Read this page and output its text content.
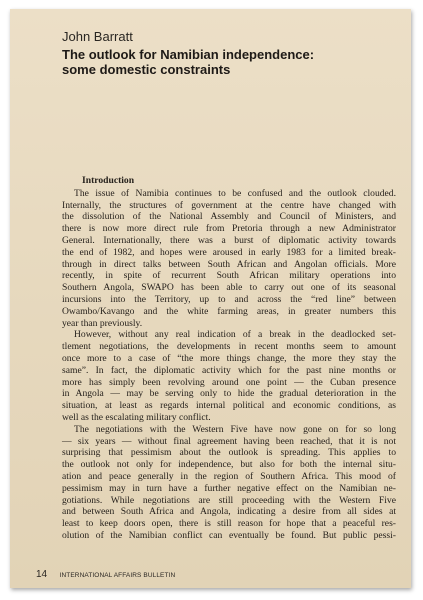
John Barratt
The outlook for Namibian independence:
some domestic constraints
Introduction
The issue of Namibia continues to be confused and the outlook clouded.
Internally, the structures of government at the centre have changed with
the dissolution of the National Assembly and Council of Ministers, and
there is now more direct rule from Pretoria through a new Administrator
General. Internationally, there was a burst of diplomatic activity towards
the end of 1982, and hopes were aroused in early 1983 for a limited break-
through in direct talks between South African and Angolan officials. More
recently, in spite of recurrent South African military operations into
Southern Angola, SWAPO has been able to carry out one of its seasonal
incursions into the Territory, up to and across the “red line” between
Owambo/Kavango and the white farming areas, in greater numbers this
year than previously.
However, without any real indication of a break in the deadlocked set-
tlement negotiations, the developments in recent months seem to amount
once more to a case of “the more things change, the more they stay the
same”. In fact, the diplomatic activity which for the past nine months or
more has simply been revolving around one point — the Cuban presence
in Angola — may be serving only to hide the gradual deterioration in the
situation, at least as regards internal political and economic conditions, as
well as the escalating military conflict.
The negotiations with the Western Five have now gone on for so long
— six years — without final agreement having been reached, that it is not
surprising that pessimism about the outlook is spreading. This applies to
the outlook not only for independence, but also for both the internal situ-
ation and peace generally in the region of Southern Africa. This mood of
pessimism may in turn have a further negative effect on the Namibian ne-
gotiations. While negotiations are still proceeding with the Western Five
and between South Africa and Angola, indicating a desire from all sides at
least to keep doors open, there is still reason for hope that a peaceful res-
olution of the Namibian conflict can eventually be found. But public pessi-
14 INTERNATIONAL AFFAIRS BULLETIN
